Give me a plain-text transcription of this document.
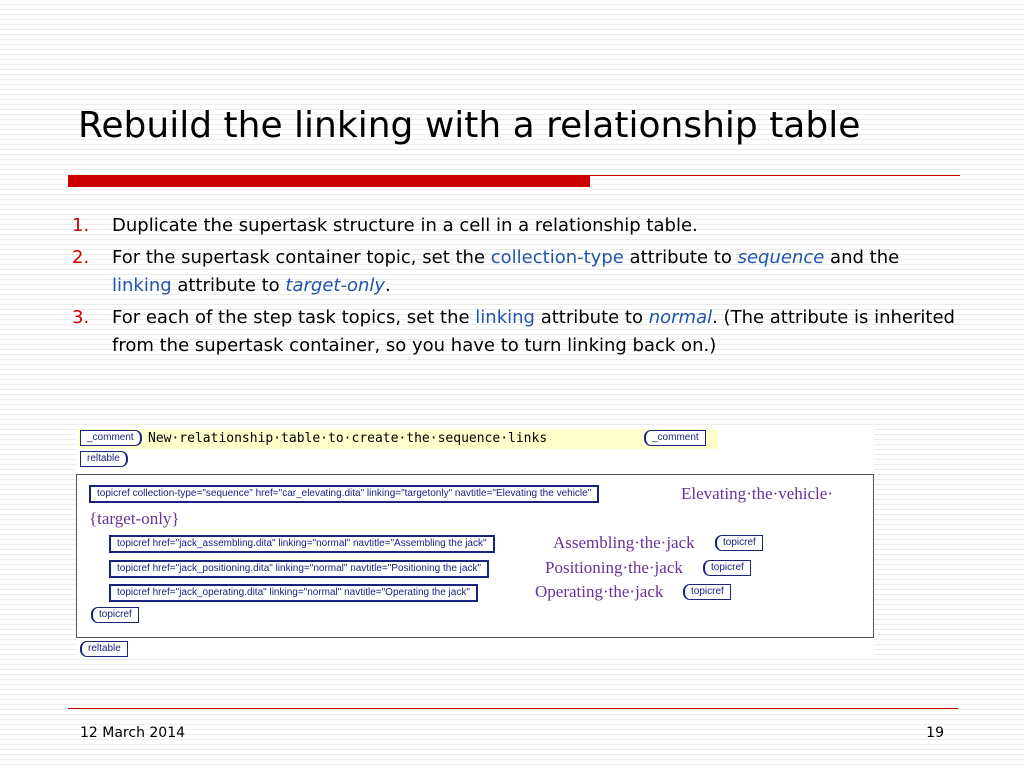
Rebuild the linking with a relationship table
1. Duplicate the supertask structure in a cell in a relationship table.
2. For the supertask container topic, set the collection-type attribute to sequence and the linking attribute to target-only.
3. For each of the step task topics, set the linking attribute to normal. (The attribute is inherited from the supertask container, so you have to turn linking back on.)
_comment	New·relationship·table·to·create·the·sequence·links	_comment
reltable
topicref collection-type="sequence" href="car_elevating.dita" linking="targetonly" navtitle="Elevating the vehicle"	Elevating·the·vehicle·
{target-only}
topicref href="jack_assembling.dita" linking="normal" navtitle="Assembling the jack"	Assembling·the·jack	topicref
topicref href="jack_positioning.dita" linking="normal" navtitle="Positioning the jack"	Positioning·the·jack	topicref
topicref href="jack_operating.dita" linking="normal" navtitle="Operating the jack"	Operating·the·jack	topicref
topicref
reltable
12 March 2014	19
